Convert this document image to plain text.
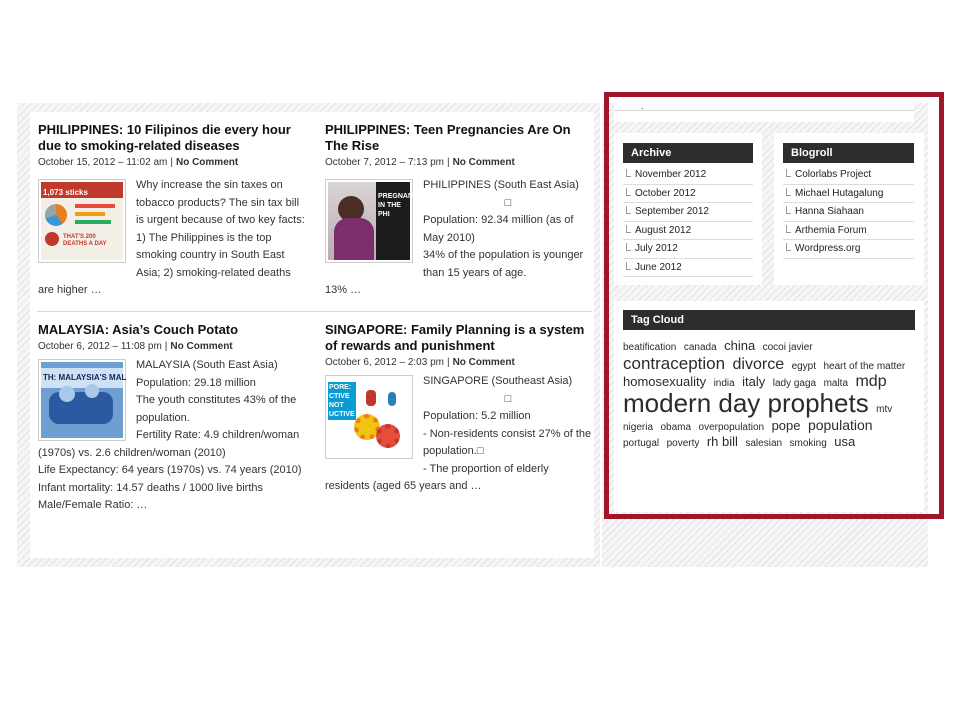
PHILIPPINES: 10 Filipinos die every hour due to smoking-related diseases
October 15, 2012 – 11:02 am | No Comment
1,073 sticks
THAT'S 200 DEATHS A DAY
Why increase the sin taxes on tobacco products? The sin tax bill is urgent because of two key facts: 1) The Philippines is the top smoking country in South East Asia; 2) smoking-related deaths are higher …
PHILIPPINES: Teen Pregnancies Are On The Rise
October 7, 2012 – 7:13 pm | No Comment
PREGNANT IN THE PHI
PHILIPPINES (South East Asia)
□
Population: 92.34 million (as of May 2010)
34% of the population is younger than 15 years of age.
13% …
MALAYSIA: Asia’s Couch Potato
October 6, 2012 – 11:08 pm | No Comment
TH: MALAYSIA'S MAL
MALAYSIA (South East Asia)
Population: 29.18 million
The youth constitutes 43% of the population.
Fertility Rate: 4.9 children/woman (1970s) vs. 2.6 children/woman (2010)
Life Expectancy: 64 years (1970s) vs. 74 years (2010)
Infant mortality: 14.57 deaths / 1000 live births
Male/Female Ratio: …
SINGAPORE: Family Planning is a system of rewards and punishment
October 6, 2012 – 2:03 pm | No Comment
PORE: CTIVE NOT UCTIVE
SINGAPORE (Southeast Asia)
□
Population: 5.2 million
- Non-residents consist 27% of the population.□
- The proportion of elderly residents (aged 65 years and …
.
Archive
November 2012
October 2012
September 2012
August 2012
July 2012
June 2012
Blogroll
Colorlabs Project
Michael Hutagalung
Hanna Siahaan
Arthemia Forum
Wordpress.org
Tag Cloud
beatification canada china cocoi javier contraception divorce egypt heart of the matter homosexuality india italy lady gaga malta mdp modern day prophets mtv nigeria obama overpopulation pope population portugal poverty rh bill salesian smoking usa
